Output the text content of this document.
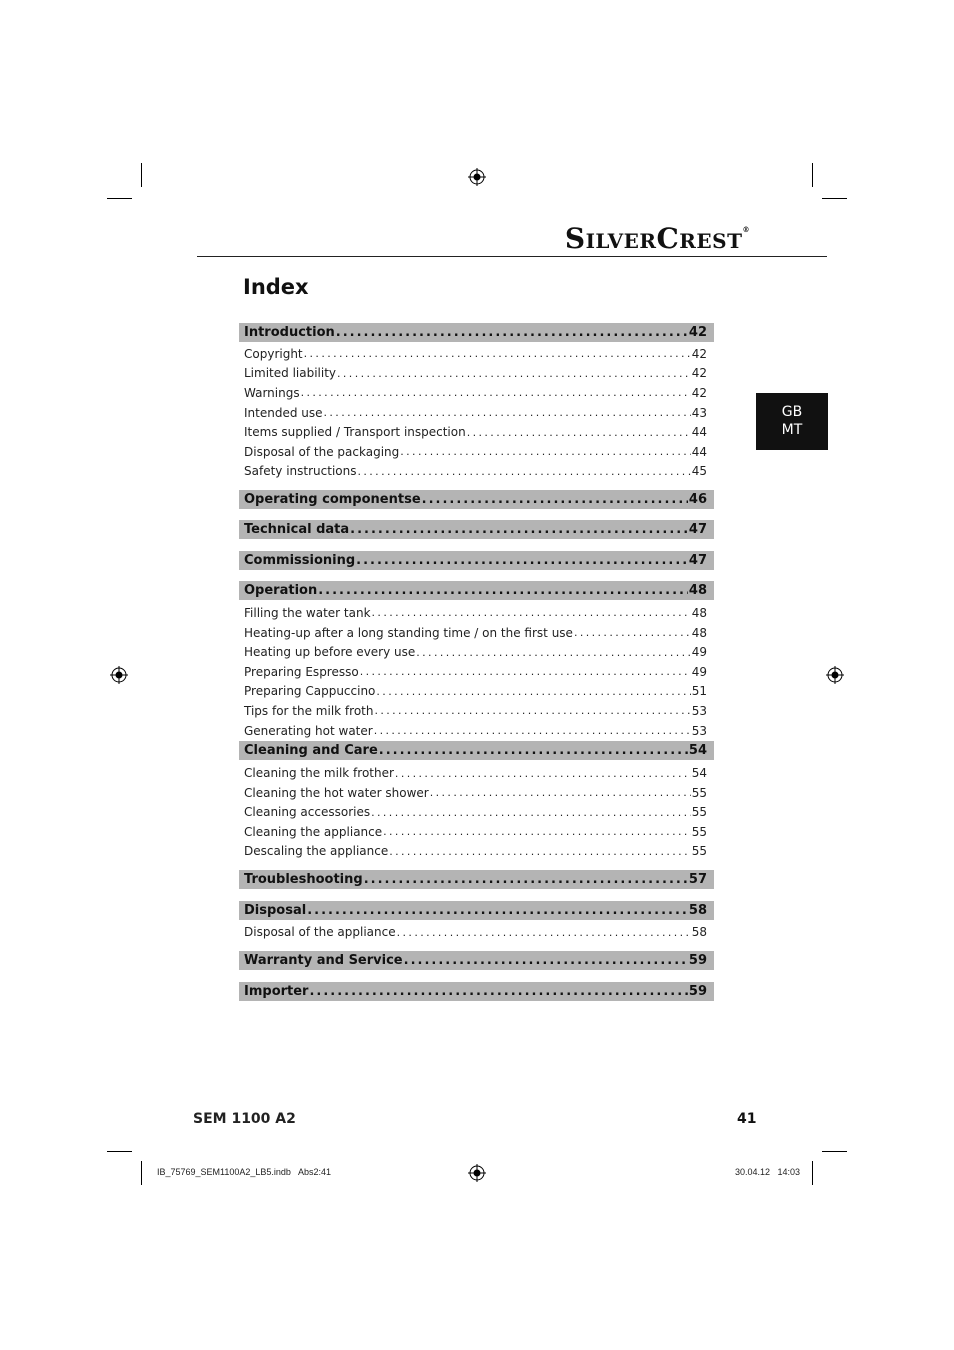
SILVERCREST®
Index
GB
MT
Introduction .....	42
Copyright .....	42
Limited liability .....	42
Warnings .....	42
Intended use .....	43
Items supplied / Transport inspection .....	44
Disposal of the packaging .....	44
Safety instructions .....	45
Operating componentse .....	46
Technical data .....	47
Commissioning .....	47
Operation .....	48
Filling the water tank .....	48
Heating-up after a long standing time / on the first use .....	48
Heating up before every use .....	49
Preparing Espresso .....	49
Preparing Cappuccino .....	51
Tips for the milk froth .....	53
Generating hot water .....	53
Cleaning and Care .....	54
Cleaning the milk frother .....	54
Cleaning the hot water shower .....	55
Cleaning accessories .....	55
Cleaning the appliance .....	55
Descaling the appliance .....	55
Troubleshooting .....	57
Disposal .....	58
Disposal of the appliance .....	58
Warranty and Service .....	59
Importer .....	59
SEM 1100 A2	41
IB_75769_SEM1100A2_LB5.indb   Abs2:41	30.04.12   14:03
